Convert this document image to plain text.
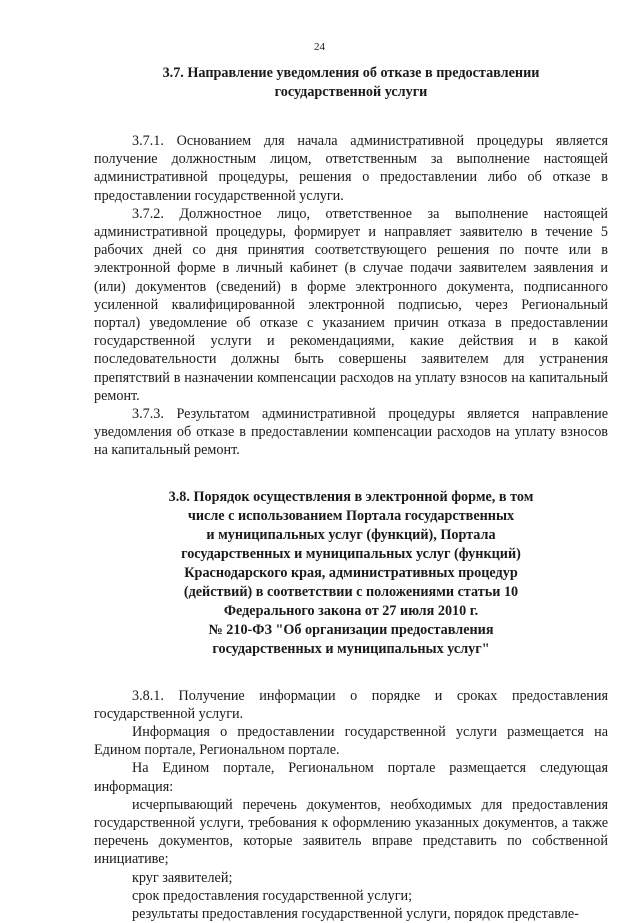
24
3.7. Направление уведомления об отказе в предоставлении
государственной услуги

3.7.1. Основанием для начала административной процедуры является получение должностным лицом, ответственным за выполнение настоящей административной процедуры, решения о предоставлении либо об отказе в предоставлении государственной услуги.

3.7.2. Должностное лицо, ответственное за выполнение настоящей административной процедуры, формирует и направляет заявителю в течение 5 рабочих дней со дня принятия соответствующего решения по почте или в электронной форме в личный кабинет (в случае подачи заявителем заявления и (или) документов (сведений) в форме электронного документа, подписанного усиленной квалифицированной электронной подписью, через Региональный портал) уведомление об отказе с указанием причин отказа в предоставлении государственной услуги и рекомендациями, какие действия и в какой последовательности должны быть совершены заявителем для устранения препятствий в назначении компенсации расходов на уплату взносов на капитальный ремонт.

3.7.3. Результатом административной процедуры является направление уведомления об отказе в предоставлении компенсации расходов на уплату взносов на капитальный ремонт.

3.8. Порядок осуществления в электронной форме, в том
числе с использованием Портала государственных
и муниципальных услуг (функций), Портала
государственных и муниципальных услуг (функций)
Краснодарского края, административных процедур
(действий) в соответствии с положениями статьи 10
Федерального закона от 27 июля 2010 г.
№ 210-ФЗ "Об организации предоставления
государственных и муниципальных услуг"

3.8.1. Получение информации о порядке и сроках предоставления государственной услуги.

Информация о предоставлении государственной услуги размещается на Едином портале, Региональном портале.

На Едином портале, Региональном портале размещается следующая информация:

исчерпывающий перечень документов, необходимых для предоставления государственной услуги, требования к оформлению указанных документов, а также перечень документов, которые заявитель вправе представить по собственной инициативе;

круг заявителей;

срок предоставления государственной услуги;

результаты предоставления государственной услуги, порядок представле-
